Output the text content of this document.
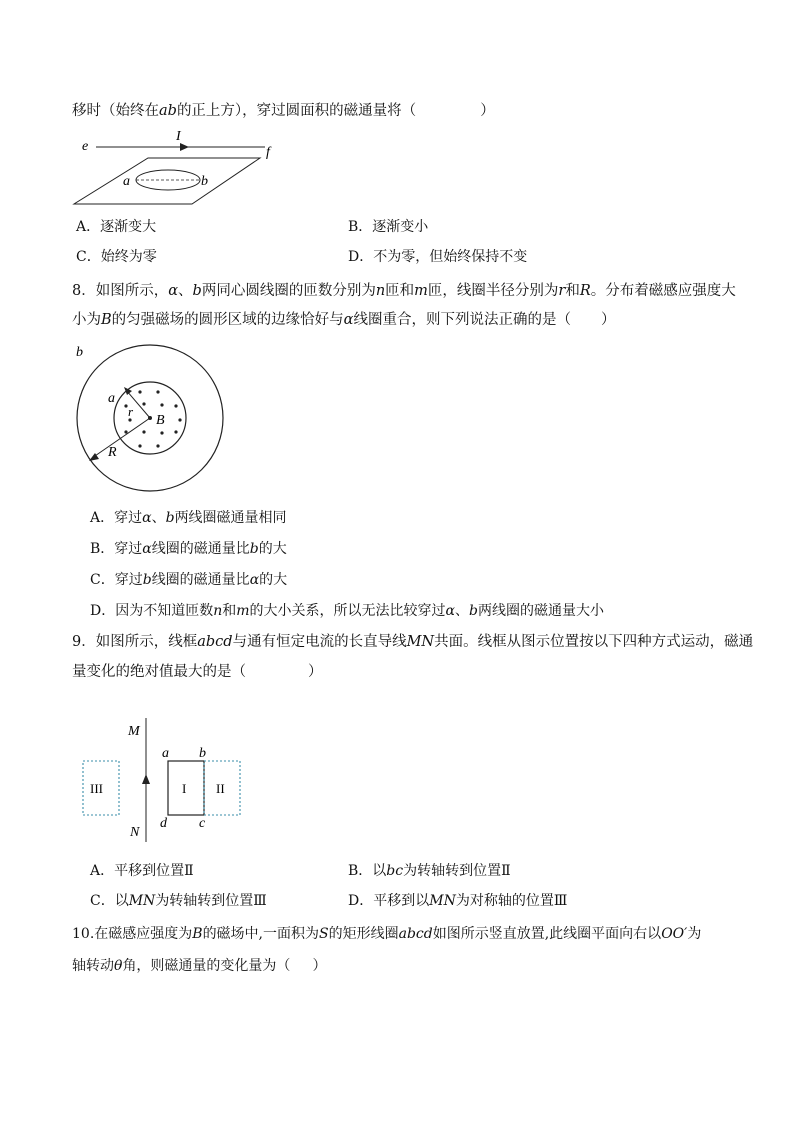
移时（始终在ab的正上方），穿过圆面积的磁通量将（	）
e	f
I
a	b
A．逐渐变大	B．逐渐变小
C．始终为零	D．不为零，但始终保持不变
8．如图所示，α、b两同心圆线圈的匝数分别为n匝和m匝，线圈半径分别为r和R。分布着磁感应强度大
小为B的匀强磁场的圆形区域的边缘恰好与α线圈重合，则下列说法正确的是（ ）
b
a
r
B
R
A．穿过α、b两线圈磁通量相同
B．穿过α线圈的磁通量比b的大
C．穿过b线圈的磁通量比α的大
D．因为不知道匝数n和m的大小关系，所以无法比较穿过α、b两线圈的磁通量大小
9．如图所示，线框abcd与通有恒定电流的长直导线MN共面。线框从图示位置按以下四种方式运动，磁通
量变化的绝对值最大的是（	）
M
N
III	I II
a b
c
d
A．平移到位置Ⅱ	B．以bc为转轴转到位置Ⅱ
C．以MN为转轴转到位置Ⅲ	D．平移到以MN为对称轴的位置Ⅲ
10.在磁感应强度为B的磁场中,一面积为S的矩形线圈abcd如图所示竖直放置,此线圈平面向右以OO′为
轴转动θ角，则磁通量的变化量为（ ）
